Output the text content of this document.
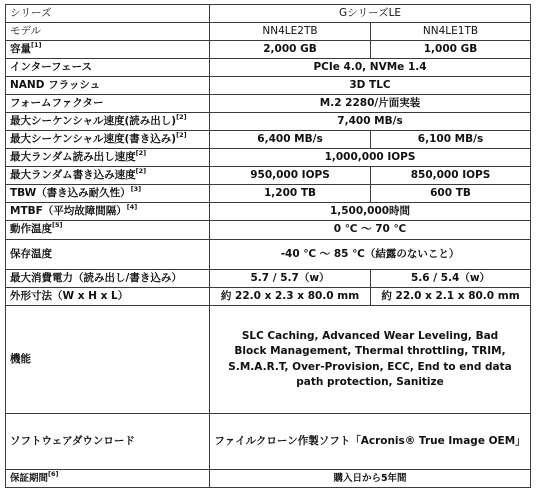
シリーズ	GシリーズLE	
モデル	NN4LE2TB	NN4LE1TB
容量[1]	2,000 GB	1,000 GB
インターフェース	PCIe 4.0, NVMe 1.4	
NAND フラッシュ	3D TLC	
フォームファクター	M.2 2280/片面実装	
最大シーケンシャル速度(読み出し)[2]	7,400 MB/s	
最大シーケンシャル速度(書き込み)[2]	6,400 MB/s	6,100 MB/s
最大ランダム読み出し速度[2]	1,000,000 IOPS	
最大ランダム書き込み速度[2]	950,000 IOPS	850,000 IOPS
TBW（書き込み耐久性）[3]	1,200 TB	600 TB
MTBF（平均故障間隔）[4]	1,500,000時間	
動作温度[5]	0 ℃ ～ 70 ℃	
保存温度	-40 ℃ ～ 85 ℃（結露のないこと）	
最大消費電力（読み出し/書き込み）	5.7 / 5.7（w）	5.6 / 5.4（w）
外形寸法（W x H x L）	約 22.0 x 2.3 x 80.0 mm	約 22.0 x 2.1 x 80.0 mm
機能	SLC Caching, Advanced Wear Leveling, Bad Block Management, Thermal throttling, TRIM, S.M.A.R.T, Over-Provision, ECC, End to end data path protection, Sanitize	
ソフトウェアダウンロード	ファイルクローン作製ソフト「Acronis® True Image OEM」	
保証期間[6]	購入日から5年間	
